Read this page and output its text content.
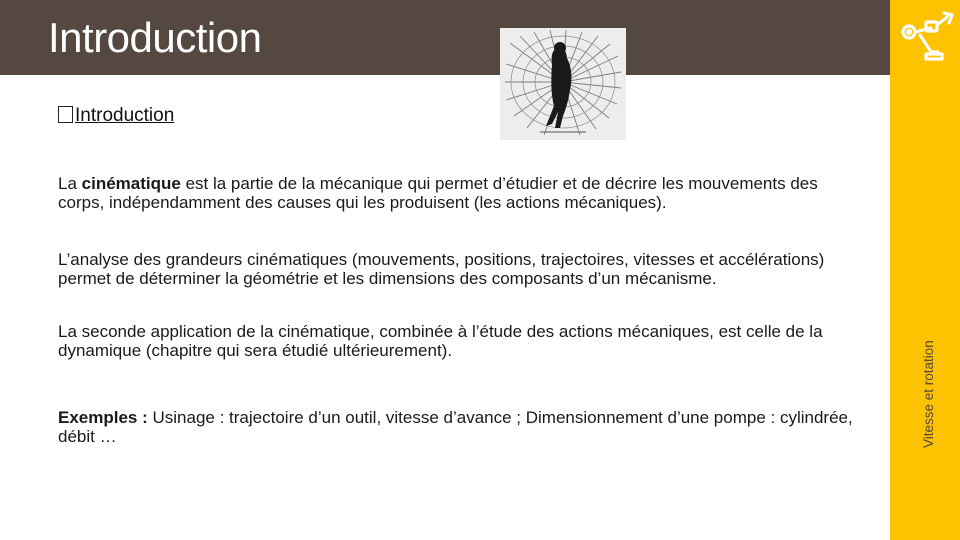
Introduction
Vitesse et rotation
Introduction
La cinématique est la partie de la mécanique qui permet d’étudier et de décrire les mouvements des corps, indépendamment des causes qui les produisent (les actions mécaniques).
L’analyse des grandeurs cinématiques (mouvements, positions, trajectoires, vitesses et accélérations) permet de déterminer la géométrie et les dimensions des composants d’un mécanisme.
La seconde application de la cinématique, combinée à l’étude des actions mécaniques, est celle de la dynamique (chapitre qui sera étudié ultérieurement).
Exemples : Usinage : trajectoire d’un outil, vitesse d’avance ; Dimensionnement d’une pompe : cylindrée, débit …
